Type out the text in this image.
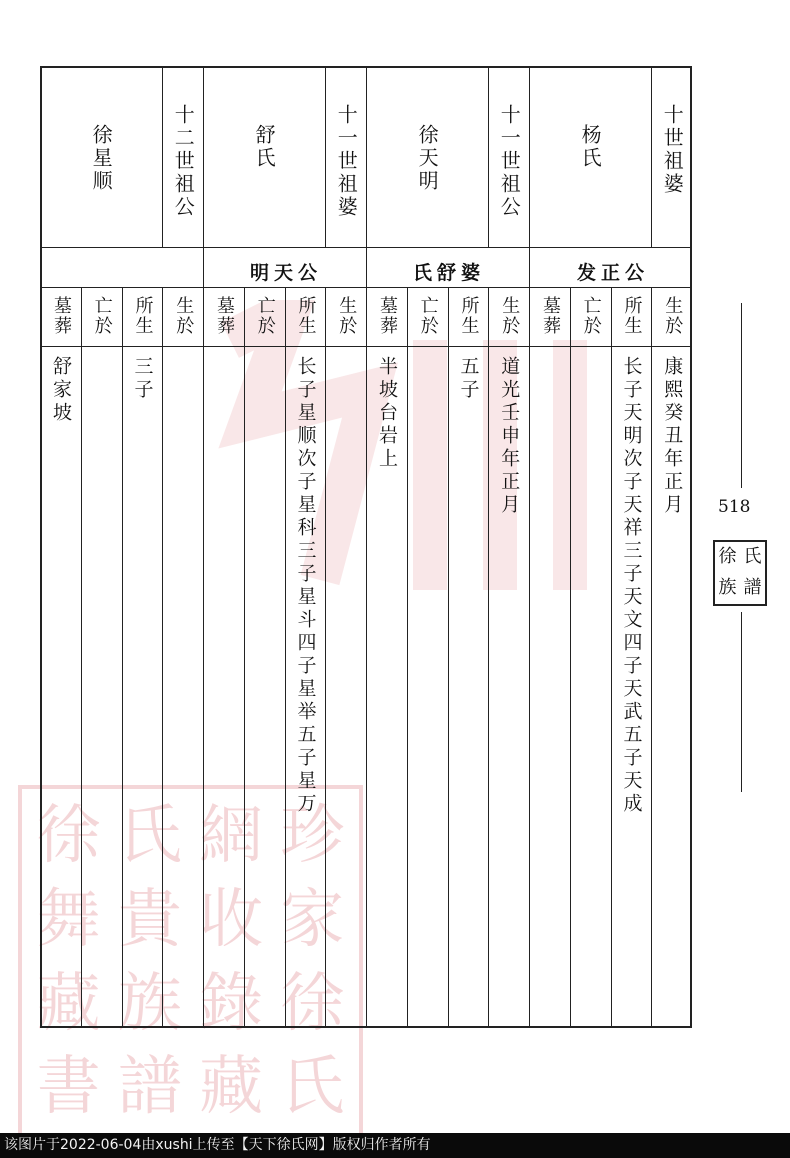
徐 氏 網 珍
舞 貴 收 家
藏 族 錄 徐
書 譜 藏 氏
十世祖婆
杨氏
生於
康熙癸丑年正月
所生
长子天明次子天祥三子天文四子天武五子天成
亡於
墓葬
十一世祖公
徐天明
生於
道光壬申年正月
所生
五子
亡於
墓葬
半坡台岩上
十一世祖婆
舒氏
生於
所生
长子星顺次子星科三子星斗四子星举五子星万
亡於
墓葬
十二世祖公
徐星顺
生於
所生
三子
亡於
墓葬
舒家坡
发正公
氏舒婆
明天公
518
徐 氏
族 譜
该图片于2022-06-04由xushi上传至【天下徐氏网】版权归作者所有
